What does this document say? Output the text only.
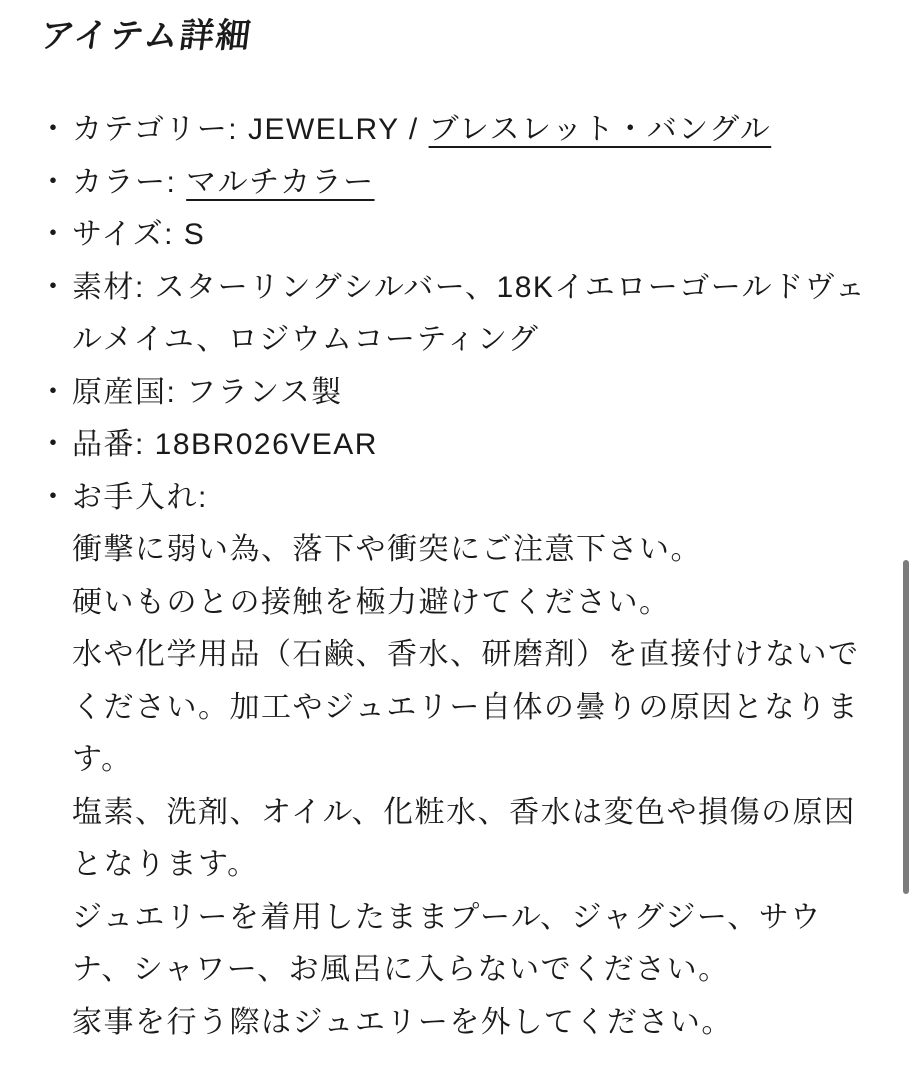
アイテム詳細
・ カテゴリー: JEWELRY / ブレスレット・バングル
・ カラー: マルチカラー
・ サイズ: S
・ 素材: スターリングシルバー、18Kイエローゴールドヴェルメイユ、ロジウムコーティング
・ 原産国: フランス製
・ 品番: 18BR026VEAR
・ お手入れ:
衝撃に弱い為、落下や衝突にご注意下さい。
硬いものとの接触を極力避けてください。
水や化学用品（石鹸、香水、研磨剤）を直接付けないでください。加工やジュエリー自体の曇りの原因となります。
塩素、洗剤、オイル、化粧水、香水は変色や損傷の原因となります。
ジュエリーを着用したままプール、ジャグジー、サウナ、シャワー、お風呂に入らないでください。
家事を行う際はジュエリーを外してください。
